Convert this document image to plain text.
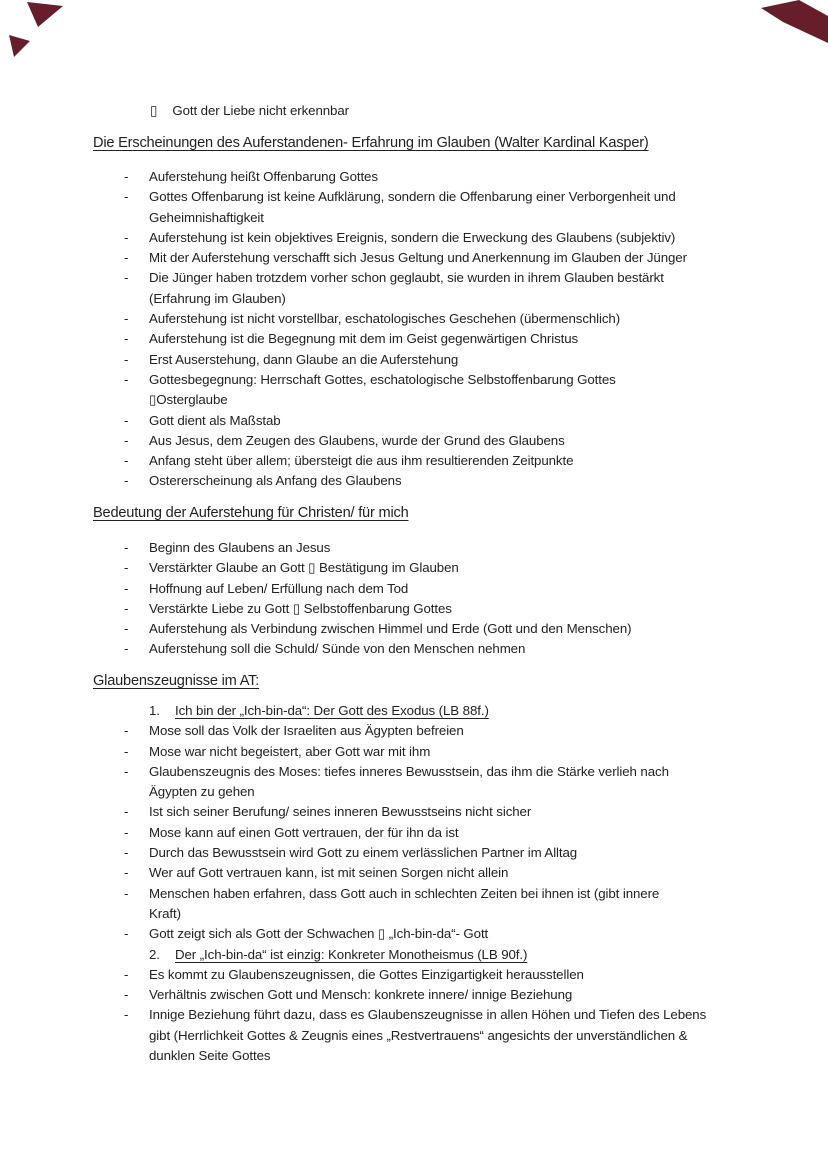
▯ Gott der Liebe nicht erkennbar
Die Erscheinungen des Auferstandenen- Erfahrung im Glauben (Walter Kardinal Kasper)
-	Auferstehung heißt Offenbarung Gottes
-	Gottes Offenbarung ist keine Aufklärung, sondern die Offenbarung einer Verborgenheit und
Geheimnishaftigkeit
-	Auferstehung ist kein objektives Ereignis, sondern die Erweckung des Glaubens (subjektiv)
-	Mit der Auferstehung verschafft sich Jesus Geltung und Anerkennung im Glauben der Jünger
-	Die Jünger haben trotzdem vorher schon geglaubt, sie wurden in ihrem Glauben bestärkt
(Erfahrung im Glauben)
-	Auferstehung ist nicht vorstellbar, eschatologisches Geschehen (übermenschlich)
-	Auferstehung ist die Begegnung mit dem im Geist gegenwärtigen Christus
-	Erst Auserstehung, dann Glaube an die Auferstehung
-	Gottesbegegnung: Herrschaft Gottes, eschatologische Selbstoffenbarung Gottes
▯Osterglaube
-	Gott dient als Maßstab
-	Aus Jesus, dem Zeugen des Glaubens, wurde der Grund des Glaubens
-	Anfang steht über allem; übersteigt die aus ihm resultierenden Zeitpunkte
-	Ostererscheinung als Anfang des Glaubens
Bedeutung der Auferstehung für Christen/ für mich
-	Beginn des Glaubens an Jesus
-	Verstärkter Glaube an Gott ▯ Bestätigung im Glauben
-	Hoffnung auf Leben/ Erfüllung nach dem Tod
-	Verstärkte Liebe zu Gott ▯ Selbstoffenbarung Gottes
-	Auferstehung als Verbindung zwischen Himmel und Erde (Gott und den Menschen)
-	Auferstehung soll die Schuld/ Sünde von den Menschen nehmen
Glaubenszeugnisse im AT:
1.	Ich bin der „Ich-bin-da“: Der Gott des Exodus (LB 88f.)
-	Mose soll das Volk der Israeliten aus Ägypten befreien
-	Mose war nicht begeistert, aber Gott war mit ihm
-	Glaubenszeugnis des Moses: tiefes inneres Bewusstsein, das ihm die Stärke verlieh nach
Ägypten zu gehen
-	Ist sich seiner Berufung/ seines inneren Bewusstseins nicht sicher
-	Mose kann auf einen Gott vertrauen, der für ihn da ist
-	Durch das Bewusstsein wird Gott zu einem verlässlichen Partner im Alltag
-	Wer auf Gott vertrauen kann, ist mit seinen Sorgen nicht allein
-	Menschen haben erfahren, dass Gott auch in schlechten Zeiten bei ihnen ist (gibt innere
Kraft)
-	Gott zeigt sich als Gott der Schwachen ▯ „Ich-bin-da“- Gott
2.	Der „Ich-bin-da“ ist einzig: Konkreter Monotheismus (LB 90f.)
-	Es kommt zu Glaubenszeugnissen, die Gottes Einzigartigkeit herausstellen
-	Verhältnis zwischen Gott und Mensch: konkrete innere/ innige Beziehung
-	Innige Beziehung führt dazu, dass es Glaubenszeugnisse in allen Höhen und Tiefen des Lebens
gibt (Herrlichkeit Gottes & Zeugnis eines „Restvertrauens“ angesichts der unverständlichen &
dunklen Seite Gottes
